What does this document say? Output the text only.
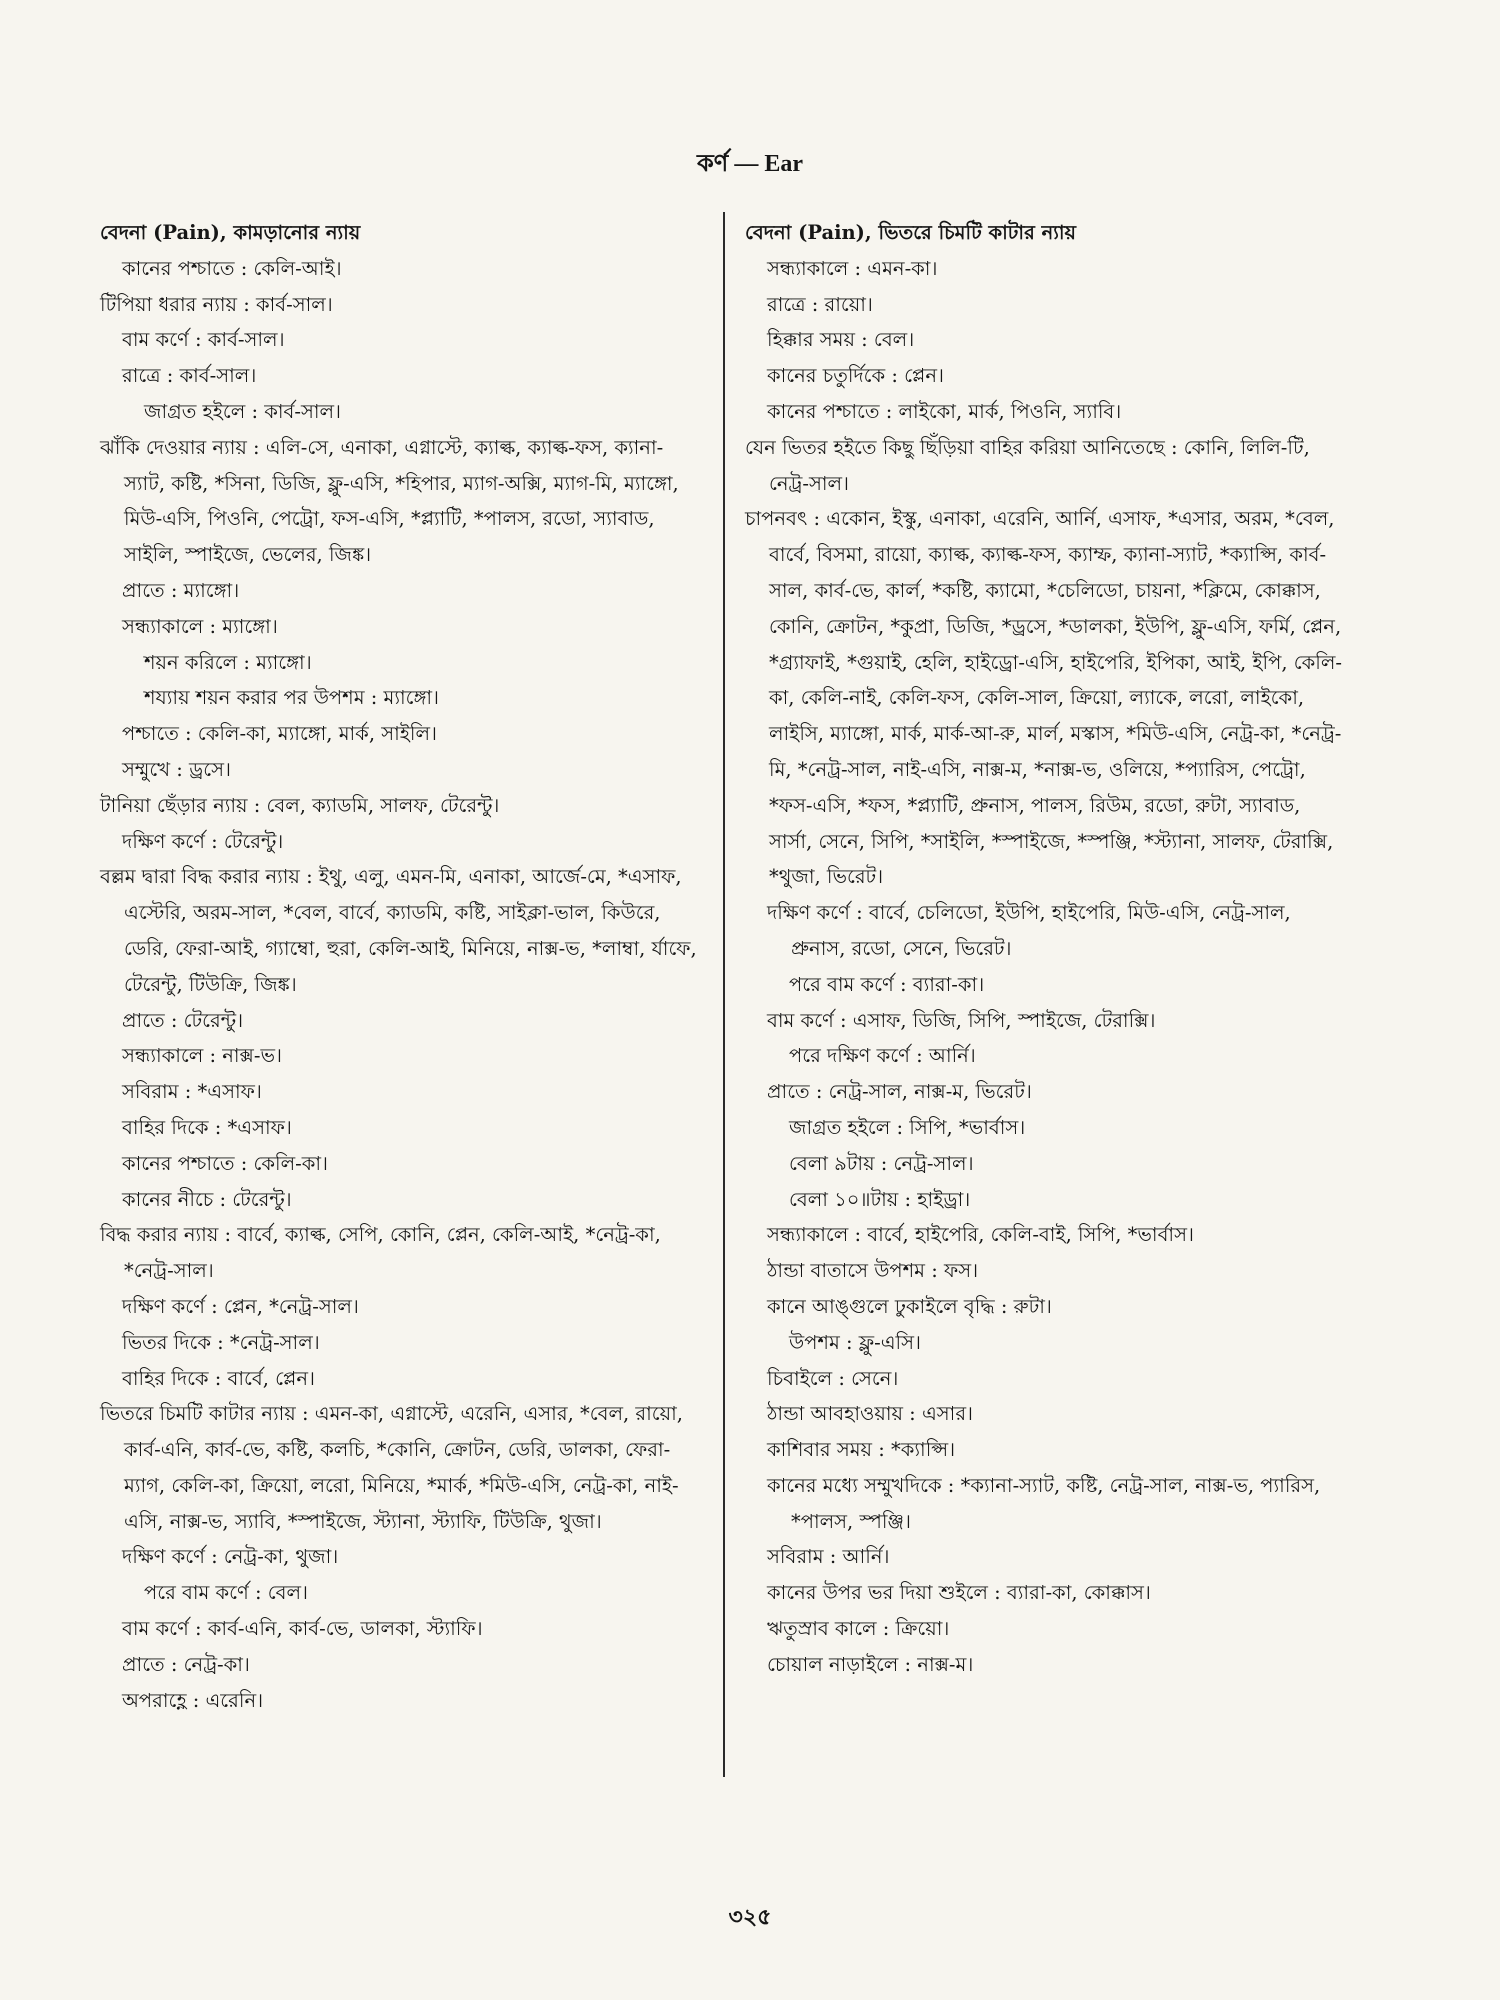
কর্ণ — Ear

বেদনা (Pain), কামড়ানোর ন্যায়

কানের পশ্চাতে : কেলি-আই।

টিপিয়া ধরার ন্যায় : কার্ব-সাল।

বাম কর্ণে : কার্ব-সাল।

রাত্রে : কার্ব-সাল।

জাগ্রত হইলে : কার্ব-সাল।

ঝাঁকি দেওয়ার ন্যায় : এলি-সে, এনাকা, এগ্নাস্টে, ক্যাল্ক, ক্যাল্ক-ফস, ক্যানা-স্যাট, কষ্টি, *সিনা, ডিজি, ফ্লু-এসি, *হিপার, ম্যাগ-অক্সি, ম্যাগ-মি, ম্যাঙ্গো, মিউ-এসি, পিওনি, পেট্রো, ফস-এসি, *প্ল্যাটি, *পালস, রডো, স্যাবাড, সাইলি, স্পাইজে, ভেলের, জিঙ্ক।

প্রাতে : ম্যাঙ্গো।

সন্ধ্যাকালে : ম্যাঙ্গো।

শয়ন করিলে : ম্যাঙ্গো।

শয্যায় শয়ন করার পর উপশম : ম্যাঙ্গো।

পশ্চাতে : কেলি-কা, ম্যাঙ্গো, মার্ক, সাইলি।

সম্মুখে : ড্রসে।

টানিয়া ছেঁড়ার ন্যায় : বেল, ক্যাডমি, সালফ, টেরেন্টু।

দক্ষিণ কর্ণে : টেরেন্টু।

বল্লম দ্বারা বিদ্ধ করার ন্যায় : ইথু, এলু, এমন-মি, এনাকা, আর্জে-মে, *এসাফ, এস্টেরি, অরম-সাল, *বেল, বার্বে, ক্যাডমি, কষ্টি, সাইক্লা-ভাল, কিউরে, ডেরি, ফেরা-আই, গ্যাম্বো, হুরা, কেলি-আই, মিনিয়ে, নাক্স-ভ, *লাম্বা, র্যাফে, টেরেন্টু, টিউক্রি, জিঙ্ক।

প্রাতে : টেরেন্টু।

সন্ধ্যাকালে : নাক্স-ভ।

সবিরাম : *এসাফ।

বাহির দিকে : *এসাফ।

কানের পশ্চাতে : কেলি-কা।

কানের নীচে : টেরেন্টু।

বিদ্ধ করার ন্যায় : বার্বে, ক্যাল্ক, সেপি, কোনি, প্লেন, কেলি-আই, *নেট্র-কা, *নেট্র-সাল।

দক্ষিণ কর্ণে : প্লেন, *নেট্র-সাল।

ভিতর দিকে : *নেট্র-সাল।

বাহির দিকে : বার্বে, প্লেন।

ভিতরে চিমটি কাটার ন্যায় : এমন-কা, এগ্নাস্টে, এরেনি, এসার, *বেল, রায়ো, কার্ব-এনি, কার্ব-ভে, কষ্টি, কলচি, *কোনি, ক্রোটন, ডেরি, ডালকা, ফেরা-ম্যাগ, কেলি-কা, ক্রিয়ো, লরো, মিনিয়ে, *মার্ক, *মিউ-এসি, নেট্র-কা, নাই-এসি, নাক্স-ভ, স্যাবি, *স্পাইজে, স্ট্যানা, স্ট্যাফি, টিউক্রি, থুজা।

দক্ষিণ কর্ণে : নেট্র-কা, থুজা।

পরে বাম কর্ণে : বেল।

বাম কর্ণে : কার্ব-এনি, কার্ব-ভে, ডালকা, স্ট্যাফি।

প্রাতে : নেট্র-কা।

অপরাহ্ণে : এরেনি।

বেদনা (Pain), ভিতরে চিমটি কাটার ন্যায়

সন্ধ্যাকালে : এমন-কা।

রাত্রে : রায়ো।

হিক্কার সময় : বেল।

কানের চতুর্দিকে : প্লেন।

কানের পশ্চাতে : লাইকো, মার্ক, পিওনি, স্যাবি।

যেন ভিতর হইতে কিছু ছিঁড়িয়া বাহির করিয়া আনিতেছে : কোনি, লিলি-টি, নেট্র-সাল।

চাপনবৎ : একোন, ইস্কু, এনাকা, এরেনি, আর্নি, এসাফ, *এসার, অরম, *বেল, বার্বে, বিসমা, রায়ো, ক্যাল্ক, ক্যাল্ক-ফস, ক্যাম্ফ, ক্যানা-স্যাট, *ক্যাপ্সি, কার্ব-সাল, কার্ব-ভে, কার্ল, *কষ্টি, ক্যামো, *চেলিডো, চায়না, *ক্লিমে, কোক্কাস, কোনি, ক্রোটন, *কুপ্রা, ডিজি, *ড্রসে, *ডালকা, ইউপি, ফ্লু-এসি, ফর্মি, প্লেন, *গ্র্যাফাই, *গুয়াই, হেলি, হাইড্রো-এসি, হাইপেরি, ইপিকা, আই, ইপি, কেলি-কা, কেলি-নাই, কেলি-ফস, কেলি-সাল, ক্রিয়ো, ল্যাকে, লরো, লাইকো, লাইসি, ম্যাঙ্গো, মার্ক, মার্ক-আ-রু, মার্ল, মস্কাস, *মিউ-এসি, নেট্র-কা, *নেট্র-মি, *নেট্র-সাল, নাই-এসি, নাক্স-ম, *নাক্স-ভ, ওলিয়ে, *প্যারিস, পেট্রো, *ফস-এসি, *ফস, *প্ল্যাটি, প্রুনাস, পালস, রিউম, রডো, রুটা, স্যাবাড, সার্সা, সেনে, সিপি, *সাইলি, *স্পাইজে, *স্পঞ্জি, *স্ট্যানা, সালফ, টেরাক্সি, *থুজা, ভিরেট।

দক্ষিণ কর্ণে : বার্বে, চেলিডো, ইউপি, হাইপেরি, মিউ-এসি, নেট্র-সাল, প্রুনাস, রডো, সেনে, ভিরেট।

পরে বাম কর্ণে : ব্যারা-কা।

বাম কর্ণে : এসাফ, ডিজি, সিপি, স্পাইজে, টেরাক্সি।

পরে দক্ষিণ কর্ণে : আর্নি।

প্রাতে : নেট্র-সাল, নাক্স-ম, ভিরেট।

জাগ্রত হইলে : সিপি, *ভার্বাস।

বেলা ৯টায় : নেট্র-সাল।

বেলা ১০॥টায় : হাইড্রা।

সন্ধ্যাকালে : বার্বে, হাইপেরি, কেলি-বাই, সিপি, *ভার্বাস।

ঠান্ডা বাতাসে উপশম : ফস।

কানে আঙ্গুলে ঢুকাইলে বৃদ্ধি : রুটা।

উপশম : ফ্লু-এসি।

চিবাইলে : সেনে।

ঠান্ডা আবহাওয়ায় : এসার।

কাশিবার সময় : *ক্যাপ্সি।

কানের মধ্যে সম্মুখদিকে : *ক্যানা-স্যাট, কষ্টি, নেট্র-সাল, নাক্স-ভ, প্যারিস, *পালস, স্পঞ্জি।

সবিরাম : আর্নি।

কানের উপর ভর দিয়া শুইলে : ব্যারা-কা, কোক্কাস।

ঋতুস্রাব কালে : ক্রিয়ো।

চোয়াল নাড়াইলে : নাক্স-ম।

৩২৫
